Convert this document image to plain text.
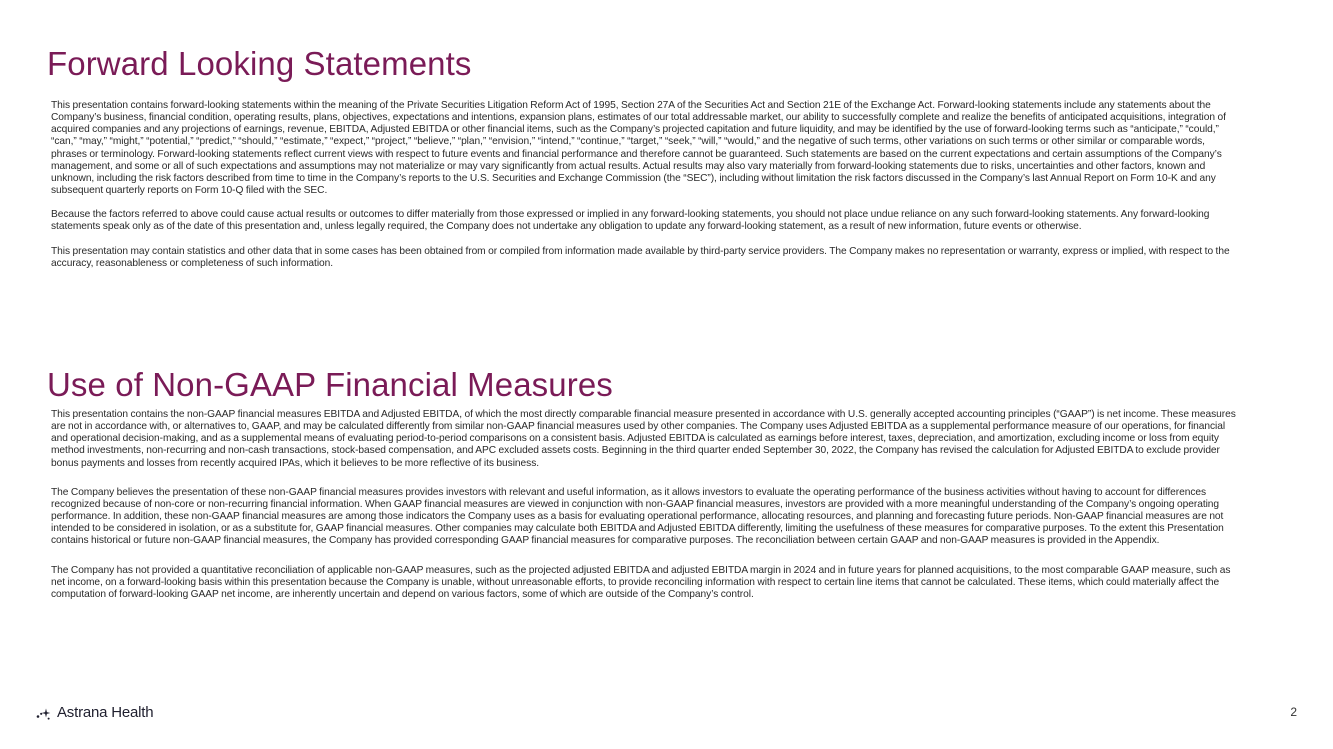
Forward Looking Statements

This presentation contains forward-looking statements within the meaning of the Private Securities Litigation Reform Act of 1995, Section 27A of the Securities Act and Section 21E of the Exchange Act. Forward-looking statements include any statements about the Company’s business, financial condition, operating results, plans, objectives, expectations and intentions, expansion plans, estimates of our total addressable market, our ability to successfully complete and realize the benefits of anticipated acquisitions, integration of acquired companies and any projections of earnings, revenue, EBITDA, Adjusted EBITDA or other financial items, such as the Company’s projected capitation and future liquidity, and may be identified by the use of forward-looking terms such as “anticipate,” “could,” “can,” “may,” “might,” “potential,” “predict,” “should,” “estimate,” “expect,” “project,” “believe,” “plan,” “envision,” “intend,” “continue,” “target,” “seek,” “will,” “would,” and the negative of such terms, other variations on such terms or other similar or comparable words, phrases or terminology. Forward-looking statements reflect current views with respect to future events and financial performance and therefore cannot be guaranteed. Such statements are based on the current expectations and certain assumptions of the Company’s management, and some or all of such expectations and assumptions may not materialize or may vary significantly from actual results. Actual results may also vary materially from forward-looking statements due to risks, uncertainties and other factors, known and unknown, including the risk factors described from time to time in the Company’s reports to the U.S. Securities and Exchange Commission (the “SEC”), including without limitation the risk factors discussed in the Company’s last Annual Report on Form 10-K and any subsequent quarterly reports on Form 10-Q filed with the SEC.

Because the factors referred to above could cause actual results or outcomes to differ materially from those expressed or implied in any forward-looking statements, you should not place undue reliance on any such forward-looking statements. Any forward-looking statements speak only as of the date of this presentation and, unless legally required, the Company does not undertake any obligation to update any forward-looking statement, as a result of new information, future events or otherwise.

This presentation may contain statistics and other data that in some cases has been obtained from or compiled from information made available by third-party service providers. The Company makes no representation or warranty, express or implied, with respect to the accuracy, reasonableness or completeness of such information.

Use of Non-GAAP Financial Measures

This presentation contains the non-GAAP financial measures EBITDA and Adjusted EBITDA, of which the most directly comparable financial measure presented in accordance with U.S. generally accepted accounting principles (“GAAP”) is net income. These measures are not in accordance with, or alternatives to, GAAP, and may be calculated differently from similar non-GAAP financial measures used by other companies. The Company uses Adjusted EBITDA as a supplemental performance measure of our operations, for financial and operational decision-making, and as a supplemental means of evaluating period-to-period comparisons on a consistent basis. Adjusted EBITDA is calculated as earnings before interest, taxes, depreciation, and amortization, excluding income or loss from equity method investments, non-recurring and non-cash transactions, stock-based compensation, and APC excluded assets costs. Beginning in the third quarter ended September 30, 2022, the Company has revised the calculation for Adjusted EBITDA to exclude provider bonus payments and losses from recently acquired IPAs, which it believes to be more reflective of its business.

The Company believes the presentation of these non-GAAP financial measures provides investors with relevant and useful information, as it allows investors to evaluate the operating performance of the business activities without having to account for differences recognized because of non-core or non-recurring financial information. When GAAP financial measures are viewed in conjunction with non-GAAP financial measures, investors are provided with a more meaningful understanding of the Company’s ongoing operating performance. In addition, these non-GAAP financial measures are among those indicators the Company uses as a basis for evaluating operational performance, allocating resources, and planning and forecasting future periods. Non-GAAP financial measures are not intended to be considered in isolation, or as a substitute for, GAAP financial measures. Other companies may calculate both EBITDA and Adjusted EBITDA differently, limiting the usefulness of these measures for comparative purposes. To the extent this Presentation contains historical or future non-GAAP financial measures, the Company has provided corresponding GAAP financial measures for comparative purposes. The reconciliation between certain GAAP and non-GAAP measures is provided in the Appendix.

The Company has not provided a quantitative reconciliation of applicable non-GAAP measures, such as the projected adjusted EBITDA and adjusted EBITDA margin in 2024 and in future years for planned acquisitions, to the most comparable GAAP measure, such as net income, on a forward-looking basis within this presentation because the Company is unable, without unreasonable efforts, to provide reconciling information with respect to certain line items that cannot be calculated. These items, which could materially affect the computation of forward-looking GAAP net income, are inherently uncertain and depend on various factors, some of which are outside of the Company’s control.

Astrana Health	2
